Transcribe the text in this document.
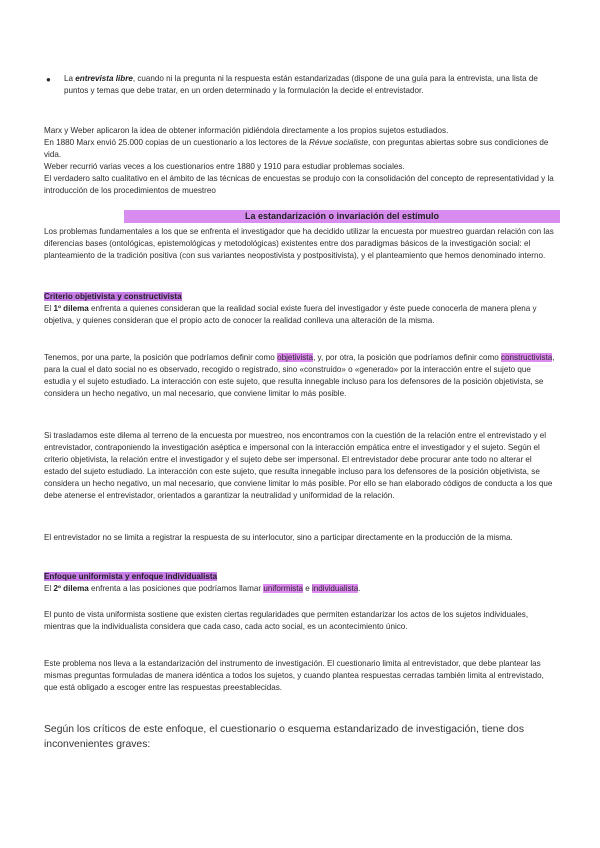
● La entrevista libre, cuando ni la pregunta ni la respuesta están estandarizadas (dispone de una guía para la entrevista, una lista de puntos y temas que debe tratar, en un orden determinado y la formulación la decide el entrevistador.

Marx y Weber aplicaron la idea de obtener información pidiéndola directamente a los propios sujetos estudiados.
En 1880 Marx envió 25.000 copias de un cuestionario a los lectores de la Révue socialiste, con preguntas abiertas sobre sus condiciones de vida.
Weber recurrió varias veces a los cuestionarios entre 1880 y 1910 para estudiar problemas sociales.
El verdadero salto cualitativo en el ámbito de las técnicas de encuestas se produjo con la consolidación del concepto de representatividad y la introducción de los procedimientos de muestreo

La estandarización o invariación del estímulo

Los problemas fundamentales a los que se enfrenta el investigador que ha decidido utilizar la encuesta por muestreo guardan relación con las diferencias bases (ontológicas, epistemológicas y metodológicas) existentes entre dos paradigmas básicos de la investigación social: el planteamiento de la tradición positiva (con sus variantes neopostivista y postpositivista), y el planteamiento que hemos denominado interno.

Criterio objetivista y constructivista

El 1º dilema enfrenta a quienes consideran que la realidad social existe fuera del investigador y éste puede conocerla de manera plena y objetiva, y quienes consideran que el propio acto de conocer la realidad conlleva una alteración de la misma.

Tenemos, por una parte, la posición que podríamos definir como objetivista, y, por otra, la posición que podríamos definir como constructivista, para la cual el dato social no es observado, recogido o registrado, sino «construido» o «generado» por la interacción entre el sujeto que estudia y el sujeto estudiado. La interacción con este sujeto, que resulta innegable incluso para los defensores de la posición objetivista, se considera un hecho negativo, un mal necesario, que conviene limitar lo más posible.

Si trasladamos este dilema al terreno de la encuesta por muestreo, nos encontramos con la cuestión de la relación entre el entrevistado y el entrevistador, contraponiendo la investigación aséptica e impersonal con la interacción empática entre el investigador y el sujeto. Según el criterio objetivista, la relación entre el investigador y el sujeto debe ser impersonal. El entrevistador debe procurar ante todo no alterar el estado del sujeto estudiado. La interacción con este sujeto, que resulta innegable incluso para los defensores de la posición objetivista, se considera un hecho negativo, un mal necesario, que conviene limitar lo más posible. Por ello se han elaborado códigos de conducta a los que debe atenerse el entrevistador, orientados a garantizar la neutralidad y uniformidad de la relación.

El entrevistador no se limita a registrar la respuesta de su interlocutor, sino a participar directamente en la producción de la misma.

Enfoque uniformista y enfoque individualista

El 2º dilema enfrenta a las posiciones que podríamos llamar uniformista e individualista.

El punto de vista uniformista sostiene que existen ciertas regularidades que permiten estandarizar los actos de los sujetos individuales, mientras que la individualista considera que cada caso, cada acto social, es un acontecimiento único.

Este problema nos lleva a la estandarización del instrumento de investigación. El cuestionario limita al entrevistador, que debe plantear las mismas preguntas formuladas de manera idéntica a todos los sujetos, y cuando plantea respuestas cerradas también limita al entrevistado, que está obligado a escoger entre las respuestas preestablecidas.

Según los críticos de este enfoque, el cuestionario o esquema estandarizado de investigación, tiene dos inconvenientes graves:
